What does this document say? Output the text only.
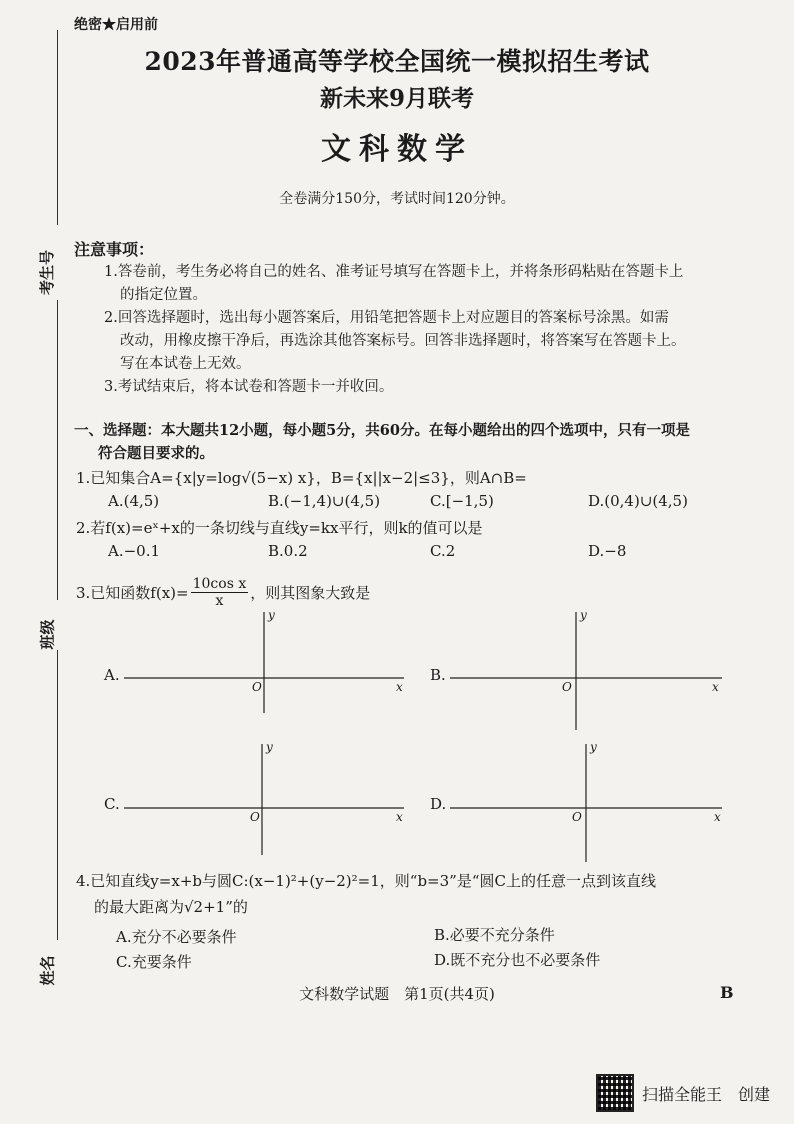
考生号
班级
姓名
绝密★启用前
2023年普通高等学校全国统一模拟招生考试
新未来9月联考
文科数学
全卷满分150分，考试时间120分钟。
注意事项：
1.答卷前，考生务必将自己的姓名、准考证号填写在答题卡上，并将条形码粘贴在答题卡上
的指定位置。
2.回答选择题时，选出每小题答案后，用铅笔把答题卡上对应题目的答案标号涂黑。如需
改动，用橡皮擦干净后，再选涂其他答案标号。回答非选择题时，将答案写在答题卡上。
写在本试卷上无效。
3.考试结束后，将本试卷和答题卡一并收回。
一、选择题：本大题共12小题，每小题5分，共60分。在每小题给出的四个选项中，只有一项是
符合题目要求的。
1.已知集合A={x|y=log√(5−x) x}，B={x||x−2|≤3}，则A∩B=
A.(4,5)	B.(−1,4)∪(4,5)	C.[−1,5)	D.(0,4)∪(4,5)
2.若f(x)=eˣ+x的一条切线与直线y=kx平行，则k的值可以是
A.−0.1	B.0.2	C.2	D.−8
3.已知函数$f(x)= \frac{\text{10cos x}}{x}$ ，则其图象大致是
A.
x
y
O
B.
x
y
O
C.
x
y
O
D.
x
y
O
4.已知直线y=x+b与圆C:(x−1)²+(y−2)²=1，则“b=3”是“圆C上的任意一点到该直线
的最大距离为√2+1”的
A.充分不必要条件	B.必要不充分条件
C.充要条件	D.既不充分也不必要条件
文科数学试题　第1页(共4页)	B
扫描全能王　创建
